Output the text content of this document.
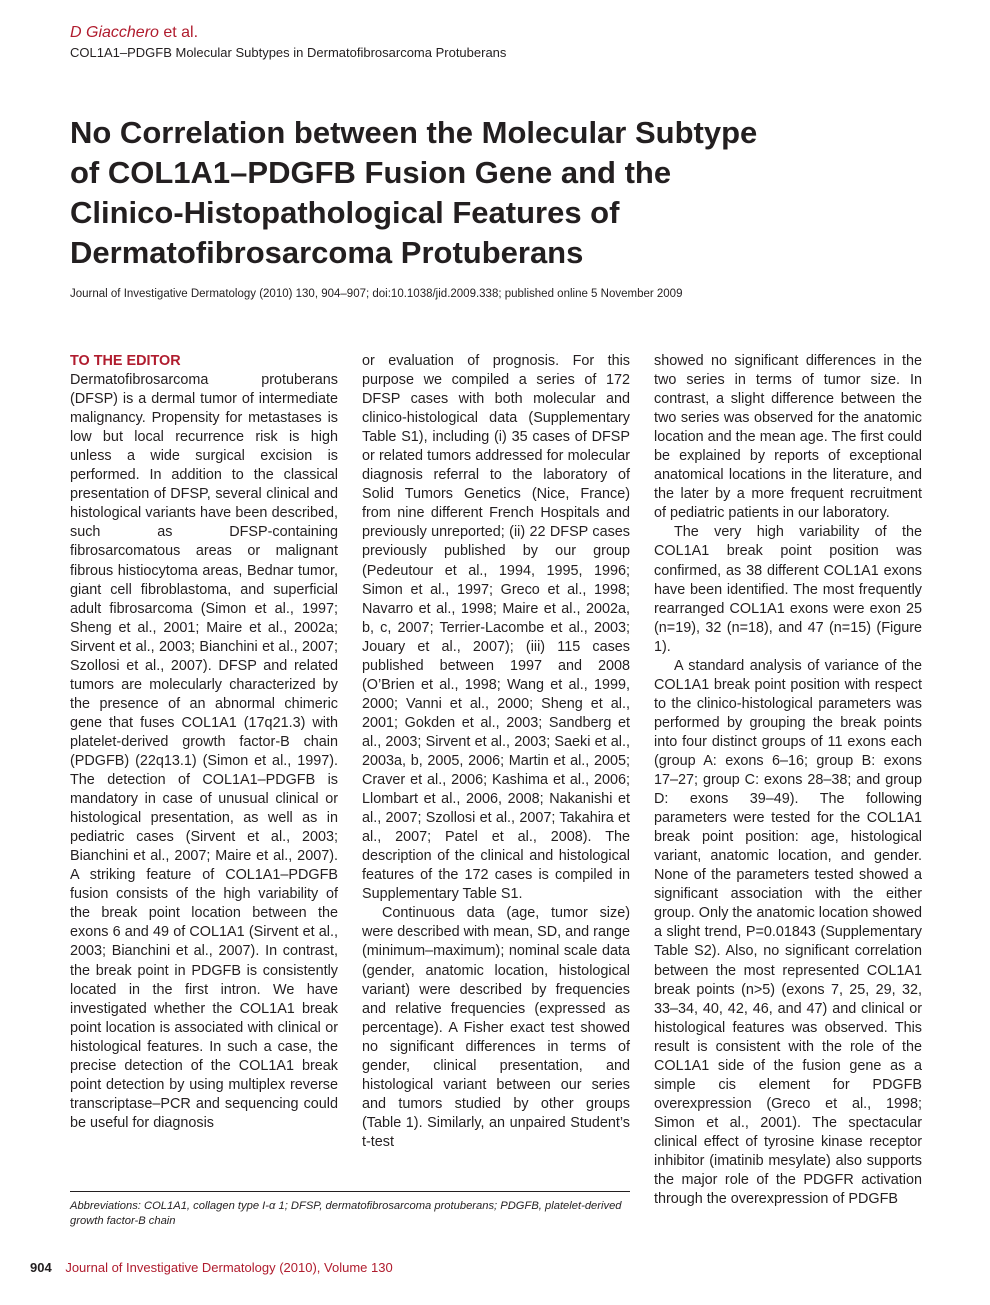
D Giacchero et al.
COL1A1–PDGFB Molecular Subtypes in Dermatofibrosarcoma Protuberans
No Correlation between the Molecular Subtype
of COL1A1–PDGFB Fusion Gene and the
Clinico-Histopathological Features of
Dermatofibrosarcoma Protuberans
Journal of Investigative Dermatology (2010) 130, 904–907; doi:10.1038/jid.2009.338; published online 5 November 2009
TO THE EDITOR

Dermatofibrosarcoma protuberans (DFSP) is a dermal tumor of intermediate malignancy. Propensity for metastases is low but local recurrence risk is high unless a wide surgical excision is performed. In addition to the classical presentation of DFSP, several clinical and histological variants have been described, such as DFSP-containing fibrosarcomatous areas or malignant fibrous histiocytoma areas, Bednar tumor, giant cell fibroblastoma, and superficial adult fibrosarcoma (Simon et al., 1997; Sheng et al., 2001; Maire et al., 2002a; Sirvent et al., 2003; Bianchini et al., 2007; Szollosi et al., 2007). DFSP and related tumors are molecularly characterized by the presence of an abnormal chimeric gene that fuses COL1A1 (17q21.3) with platelet-derived growth factor-B chain (PDGFB) (22q13.1) (Simon et al., 1997). The detection of COL1A1–PDGFB is mandatory in case of unusual clinical or histological presentation, as well as in pediatric cases (Sirvent et al., 2003; Bianchini et al., 2007; Maire et al., 2007). A striking feature of COL1A1–PDGFB fusion consists of the high variability of the break point location between the exons 6 and 49 of COL1A1 (Sirvent et al., 2003; Bianchini et al., 2007). In contrast, the break point in PDGFB is consistently located in the first intron. We have investigated whether the COL1A1 break point location is associated with clinical or histological features. In such a case, the precise detection of the COL1A1 break point detection by using multiplex reverse transcriptase–PCR and sequencing could be useful for diagnosis

or evaluation of prognosis. For this purpose we compiled a series of 172 DFSP cases with both molecular and clinico-histological data (Supplementary Table S1), including (i) 35 cases of DFSP or related tumors addressed for molecular diagnosis referral to the laboratory of Solid Tumors Genetics (Nice, France) from nine different French Hospitals and previously unreported; (ii) 22 DFSP cases previously published by our group (Pedeutour et al., 1994, 1995, 1996; Simon et al., 1997; Greco et al., 1998; Navarro et al., 1998; Maire et al., 2002a, b, c, 2007; Terrier-Lacombe et al., 2003; Jouary et al., 2007); (iii) 115 cases published between 1997 and 2008 (O’Brien et al., 1998; Wang et al., 1999, 2000; Vanni et al., 2000; Sheng et al., 2001; Gokden et al., 2003; Sandberg et al., 2003; Sirvent et al., 2003; Saeki et al., 2003a, b, 2005, 2006; Martin et al., 2005; Craver et al., 2006; Kashima et al., 2006; Llombart et al., 2006, 2008; Nakanishi et al., 2007; Szollosi et al., 2007; Takahira et al., 2007; Patel et al., 2008). The description of the clinical and histological features of the 172 cases is compiled in Supplementary Table S1.

Continuous data (age, tumor size) were described with mean, SD, and range (minimum–maximum); nominal scale data (gender, anatomic location, histological variant) were described by frequencies and relative frequencies (expressed as percentage). A Fisher exact test showed no significant differences in terms of gender, clinical presentation, and histological variant between our series and tumors studied by other groups (Table 1). Similarly, an unpaired Student’s t-test

showed no significant differences in the two series in terms of tumor size. In contrast, a slight difference between the two series was observed for the anatomic location and the mean age. The first could be explained by reports of exceptional anatomical locations in the literature, and the later by a more frequent recruitment of pediatric patients in our laboratory.

The very high variability of the COL1A1 break point position was confirmed, as 38 different COL1A1 exons have been identified. The most frequently rearranged COL1A1 exons were exon 25 (n=19), 32 (n=18), and 47 (n=15) (Figure 1).

A standard analysis of variance of the COL1A1 break point position with respect to the clinico-histological parameters was performed by grouping the break points into four distinct groups of 11 exons each (group A: exons 6–16; group B: exons 17–27; group C: exons 28–38; and group D: exons 39–49). The following parameters were tested for the COL1A1 break point position: age, histological variant, anatomic location, and gender. None of the parameters tested showed a significant association with the either group. Only the anatomic location showed a slight trend, P=0.01843 (Supplementary Table S2). Also, no significant correlation between the most represented COL1A1 break points (n>5) (exons 7, 25, 29, 32, 33–34, 40, 42, 46, and 47) and clinical or histological features was observed. This result is consistent with the role of the COL1A1 side of the fusion gene as a simple cis element for PDGFB overexpression (Greco et al., 1998; Simon et al., 2001). The spectacular clinical effect of tyrosine kinase receptor inhibitor (imatinib mesylate) also supports the major role of the PDGFR activation through the overexpression of PDGFB

Abbreviations: COL1A1, collagen type I-α 1; DFSP, dermatofibrosarcoma protuberans; PDGFB, platelet-derived growth factor-B chain
904 Journal of Investigative Dermatology (2010), Volume 130
